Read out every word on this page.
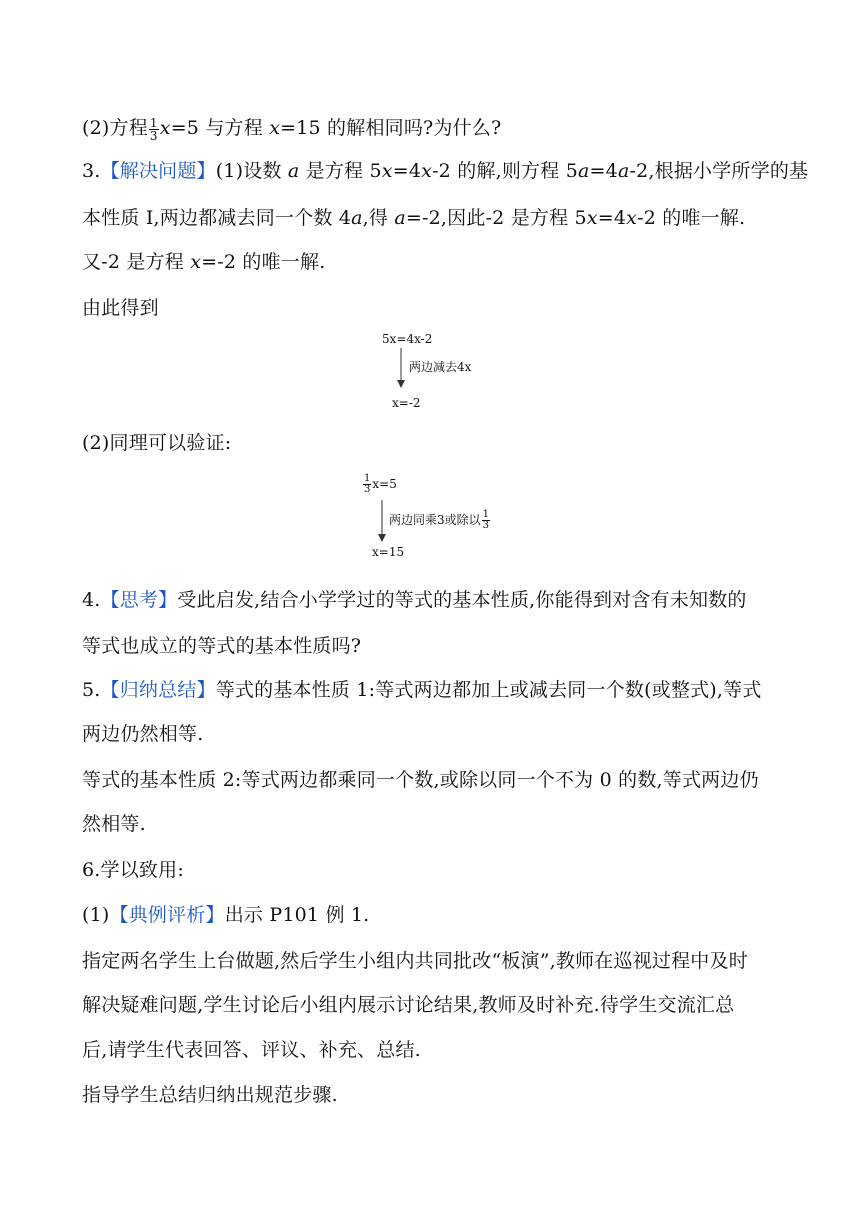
(2)方程 $\frac{1}{3} x=5$ 与方程 x=15 的解相同吗?为什么?
3.【解决问题】(1)设数 a 是方程 5x=4x-2 的解,则方程 5a=4a-2,根据小学所学的基
本性质 I,两边都减去同一个数 4a,得 a=-2,因此-2 是方程 5x=4x-2 的唯一解.
又-2 是方程 x=-2 的唯一解.
由此得到
5x=4x-2
两边减去4x
x=-2
(2)同理可以验证:
$\frac{1}{3} x=5$
两边同乘3或除以 $\frac{1}{3}$
x=15
4.【思考】受此启发,结合小学学过的等式的基本性质,你能得到对含有未知数的
等式也成立的等式的基本性质吗?
5.【归纳总结】等式的基本性质 1:等式两边都加上或减去同一个数(或整式),等式
两边仍然相等.
等式的基本性质 2:等式两边都乘同一个数,或除以同一个不为 0 的数,等式两边仍
然相等.
6.学以致用:
(1)【典例评析】出示 P101 例 1.
指定两名学生上台做题,然后学生小组内共同批改“板演”,教师在巡视过程中及时
解决疑难问题,学生讨论后小组内展示讨论结果,教师及时补充.待学生交流汇总
后,请学生代表回答、评议、补充、总结.
指导学生总结归纳出规范步骤.
